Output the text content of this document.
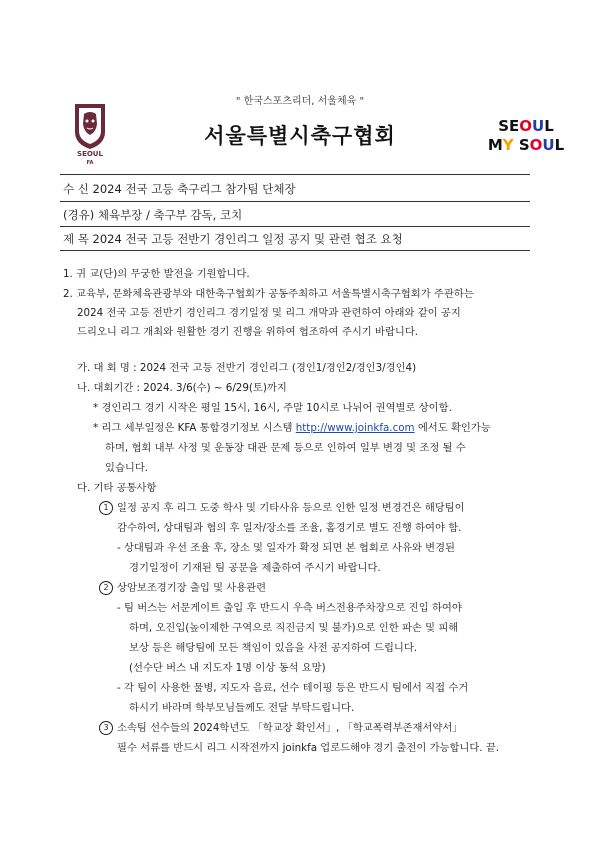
" 한국스포츠리더, 서울체육 "
서울특별시축구협회
SEOUL
FA
SEOUL
MY SOUL
수 신 2024 전국 고등 축구리그 참가팀 단체장
(경유) 체육부장 / 축구부 감독, 코치
제 목 2024 전국 고등 전반기 경인리그 일정 공지 및 관련 협조 요청
1. 귀 교(단)의 무궁한 발전을 기원합니다.
2. 교육부, 문화체육관광부와 대한축구협회가 공동주최하고 서울특별시축구협회가 주관하는
2024 전국 고등 전반기 경인리그 경기일정 및 리그 개막과 관련하여 아래와 같이 공지
드리오니 리그 개최와 원활한 경기 진행을 위하여 협조하여 주시기 바랍니다.
가. 대 회 명 : 2024 전국 고등 전반기 경인리그 (경인1/경인2/경인3/경인4)
나. 대회기간 : 2024. 3/6(수) ~ 6/29(토)까지
* 경인리그 경기 시작은 평일 15시, 16시, 주말 10시로 나뉘어 권역별로 상이함.
* 리그 세부일정은 KFA 통합경기정보 시스템 http://www.joinkfa.com 에서도 확인가능
하며, 협회 내부 사정 및 운동장 대관 문제 등으로 인하여 일부 변경 및 조정 될 수
있습니다.
다. 기타 공통사항
1 일정 공지 후 리그 도중 학사 및 기타사유 등으로 인한 일정 변경건은 해당팀이
감수하여, 상대팀과 협의 후 일자/장소를 조율, 홈경기로 별도 진행 하여야 함.
- 상대팀과 우선 조율 후, 장소 및 일자가 확정 되면 본 협회로 사유와 변경된
경기일정이 기재된 팀 공문을 제출하여 주시기 바랍니다.
2 상암보조경기장 출입 및 사용관련
- 팀 버스는 서문게이트 출입 후 반드시 우측 버스전용주차장으로 진입 하여야
하며, 오진입(높이제한 구역으로 직진금지 및 불가)으로 인한 파손 및 피해
보상 등은 해당팀에 모든 책임이 있음을 사전 공지하여 드립니다.
(선수단 버스 내 지도자 1명 이상 동석 요망)
- 각 팀이 사용한 물병, 지도자 음료, 선수 테이핑 등은 반드시 팀에서 직접 수거
하시기 바라며 학부모님들께도 전달 부탁드립니다.
3 소속팀 선수들의 2024학년도 「학교장 확인서」, 「학교폭력부존재서약서」
필수 서류를 반드시 리그 시작전까지 joinkfa 업로드해야 경기 출전이 가능합니다. 끝.
